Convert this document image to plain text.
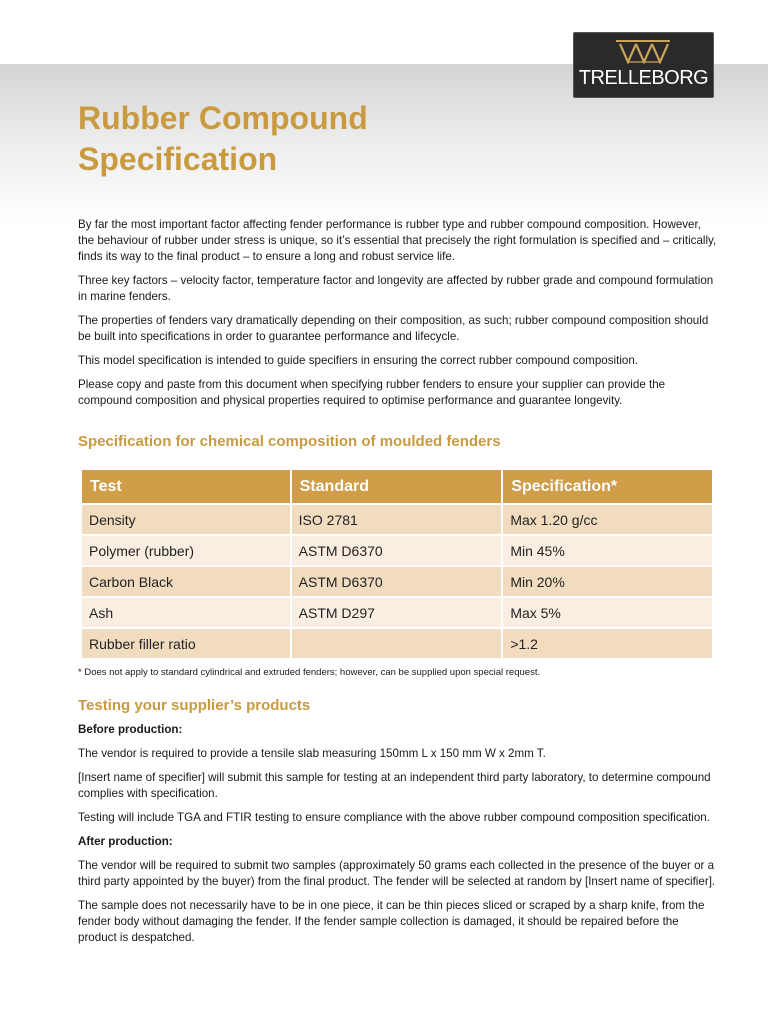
TRELLEBORG
Rubber Compound
Specification

By far the most important factor affecting fender performance is rubber type and rubber compound composition. However, the behaviour of rubber under stress is unique, so it’s essential that precisely the right formulation is specified and – critically, finds its way to the final product – to ensure a long and robust service life.

Three key factors – velocity factor, temperature factor and longevity are affected by rubber grade and compound formulation in marine fenders.

The properties of fenders vary dramatically depending on their composition, as such; rubber compound composition should be built into specifications in order to guarantee performance and lifecycle.

This model specification is intended to guide specifiers in ensuring the correct rubber compound composition.

Please copy and paste from this document when specifying rubber fenders to ensure your supplier can provide the compound composition and physical properties required to optimise performance and guarantee longevity.

Specification for chemical composition of moulded fenders
Test	Standard	Specification*
Density	ISO 2781	Max 1.20 g/cc
Polymer (rubber)	ASTM D6370	Min 45%
Carbon Black	ASTM D6370	Min 20%
Ash	ASTM D297	Max 5%
Rubber filler ratio		>1.2
* Does not apply to standard cylindrical and extruded fenders; however, can be supplied upon special request.
Testing your supplier’s products

Before production:

The vendor is required to provide a tensile slab measuring 150mm L x 150 mm W x 2mm T.

[Insert name of specifier] will submit this sample for testing at an independent third party laboratory, to determine compound complies with specification.

Testing will include TGA and FTIR testing to ensure compliance with the above rubber compound composition specification.

After production:

The vendor will be required to submit two samples (approximately 50 grams each collected in the presence of the buyer or a third party appointed by the buyer) from the final product. The fender will be selected at random by [Insert name of specifier].

The sample does not necessarily have to be in one piece, it can be thin pieces sliced or scraped by a sharp knife, from the fender body without damaging the fender. If the fender sample collection is damaged, it should be repaired before the product is despatched.
